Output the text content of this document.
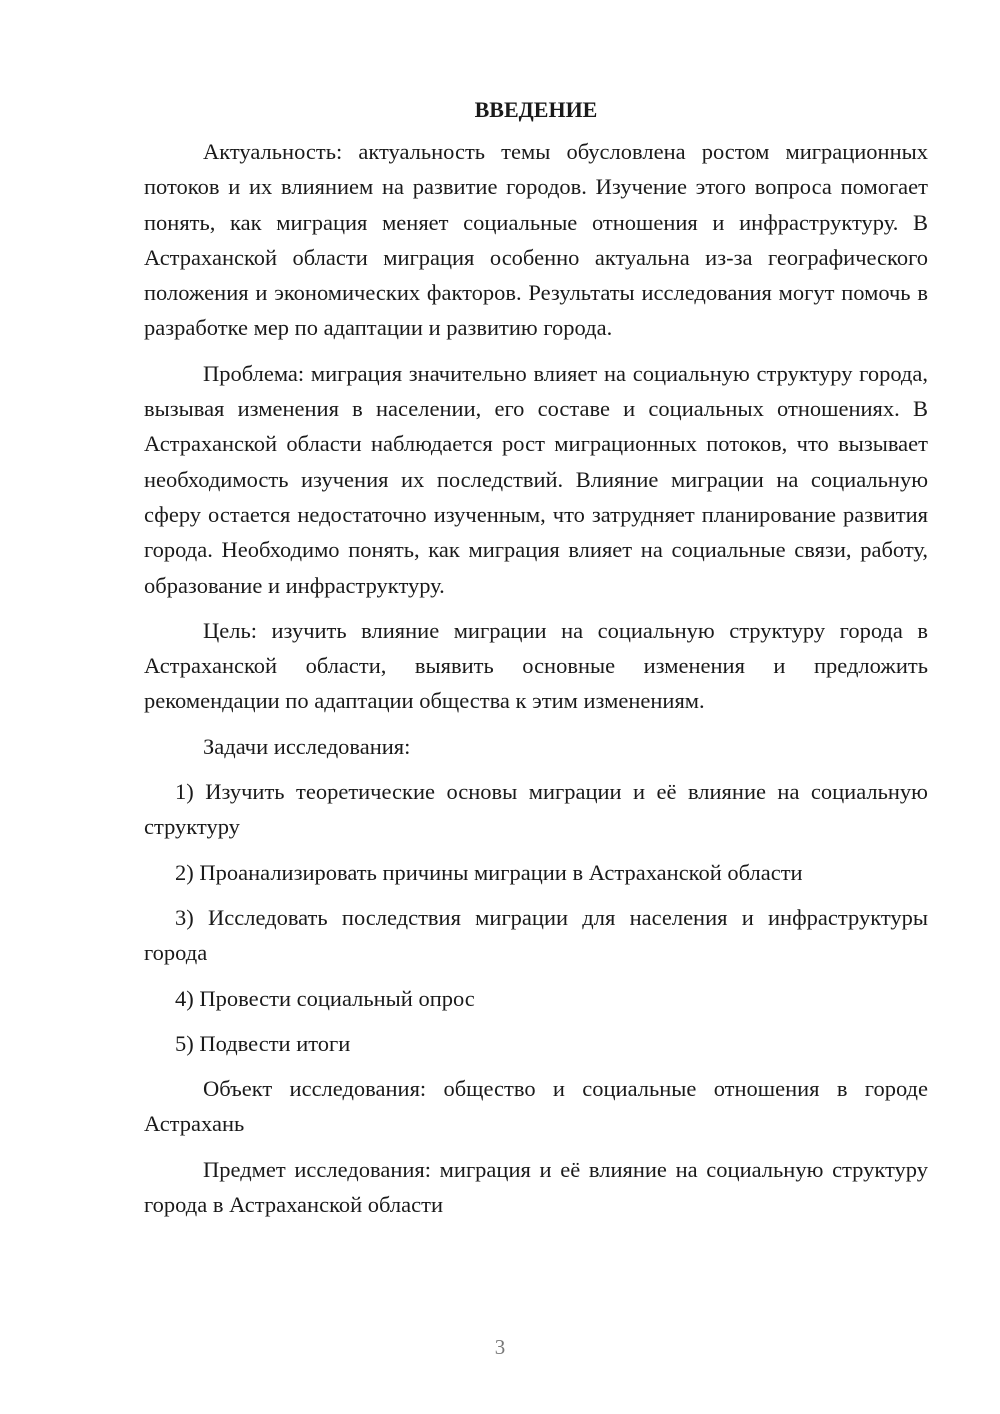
ВВЕДЕНИЕ

Актуальность: актуальность темы обусловлена ростом миграционных потоков и их влиянием на развитие городов. Изучение этого вопроса помогает понять, как миграция меняет социальные отношения и инфраструктуру. В Астраханской области миграция особенно актуальна из-за географического положения и экономических факторов. Результаты исследования могут помочь в разработке мер по адаптации и развитию города.

Проблема: миграция значительно влияет на социальную структуру города, вызывая изменения в населении, его составе и социальных отношениях. В Астраханской области наблюдается рост миграционных потоков, что вызывает необходимость изучения их последствий. Влияние миграции на социальную сферу остается недостаточно изученным, что затрудняет планирование развития города. Необходимо понять, как миграция влияет на социальные связи, работу, образование и инфраструктуру.

Цель: изучить влияние миграции на социальную структуру города в Астраханской области, выявить основные изменения и предложить рекомендации по адаптации общества к этим изменениям.

Задачи исследования:

1) Изучить теоретические основы миграции и её влияние на социальную структуру

2) Проанализировать причины миграции в Астраханской области

3) Исследовать последствия миграции для населения и инфраструктуры города

4) Провести социальный опрос

5) Подвести итоги

Объект исследования: общество и социальные отношения в городе Астрахань

Предмет исследования: миграция и её влияние на социальную структуру города в Астраханской области

3
